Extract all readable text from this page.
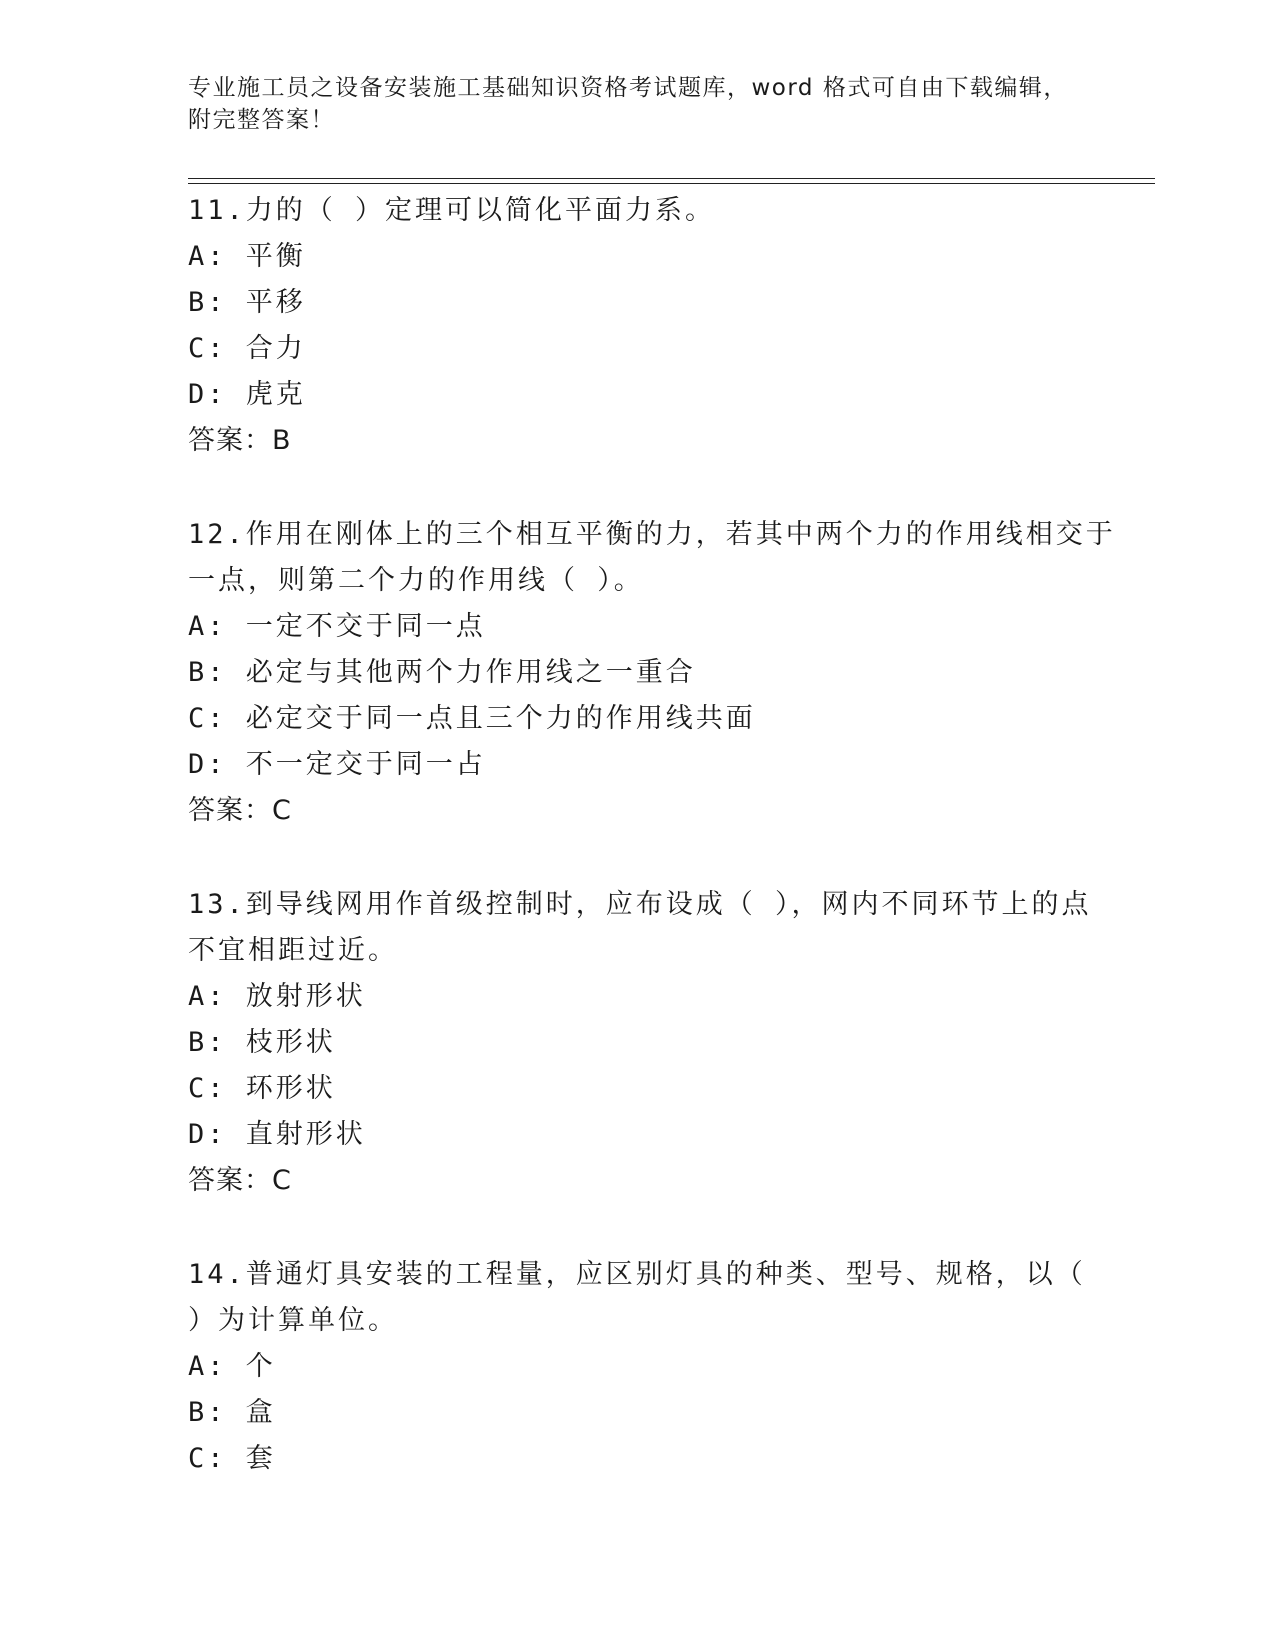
专业施工员之设备安装施工基础知识资格考试题库，word 格式可自由下载编辑，
附完整答案！
11.力的（ ）定理可以简化平面力系。
A: 平衡
B: 平移
C: 合力
D: 虎克
答案：B
12.作用在刚体上的三个相互平衡的力，若其中两个力的作用线相交于
一点，则第二个力的作用线（ ）。
A: 一定不交于同一点
B: 必定与其他两个力作用线之一重合
C: 必定交于同一点且三个力的作用线共面
D: 不一定交于同一占
答案：C
13.到导线网用作首级控制时，应布设成（ ），网内不同环节上的点
不宜相距过近。
A: 放射形状
B: 枝形状
C: 环形状
D: 直射形状
答案：C
14.普通灯具安装的工程量，应区别灯具的种类、型号、规格，以（
）为计算单位。
A: 个
B: 盒
C: 套
